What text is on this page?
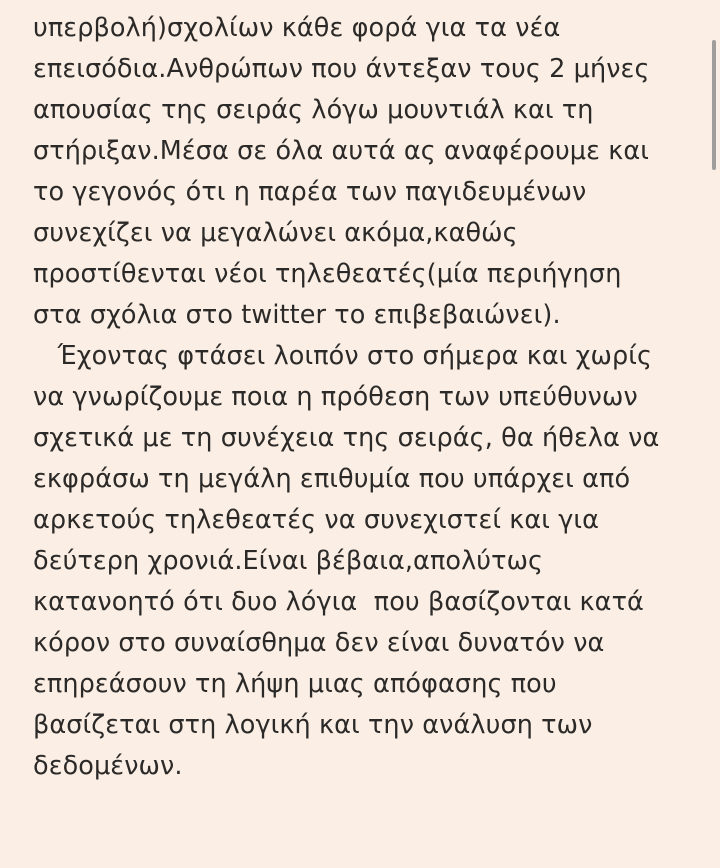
υπερβολή)σχολίων κάθε φορά για τα νέα
επεισόδια.Ανθρώπων που άντεξαν τους 2 μήνες
απουσίας της σειράς λόγω μουντιάλ και τη
στήριξαν.Μέσα σε όλα αυτά ας αναφέρουμε και
το γεγονός ότι η παρέα των παγιδευμένων
συνεχίζει να μεγαλώνει ακόμα,καθώς
προστίθενται νέοι τηλεθεατές(μία περιήγηση
στα σχόλια στο twitter το επιβεβαιώνει).
Έχοντας φτάσει λοιπόν στο σήμερα και χωρίς
να γνωρίζουμε ποια η πρόθεση των υπεύθυνων
σχετικά με τη συνέχεια της σειράς, θα ήθελα να
εκφράσω τη μεγάλη επιθυμία που υπάρχει από
αρκετούς τηλεθεατές να συνεχιστεί και για
δεύτερη χρονιά.Είναι βέβαια,απολύτως
κατανοητό ότι δυο λόγια  που βασίζονται κατά
κόρον στο συναίσθημα δεν είναι δυνατόν να
επηρεάσουν τη λήψη μιας απόφασης που
βασίζεται στη λογική και την ανάλυση των
δεδομένων.
